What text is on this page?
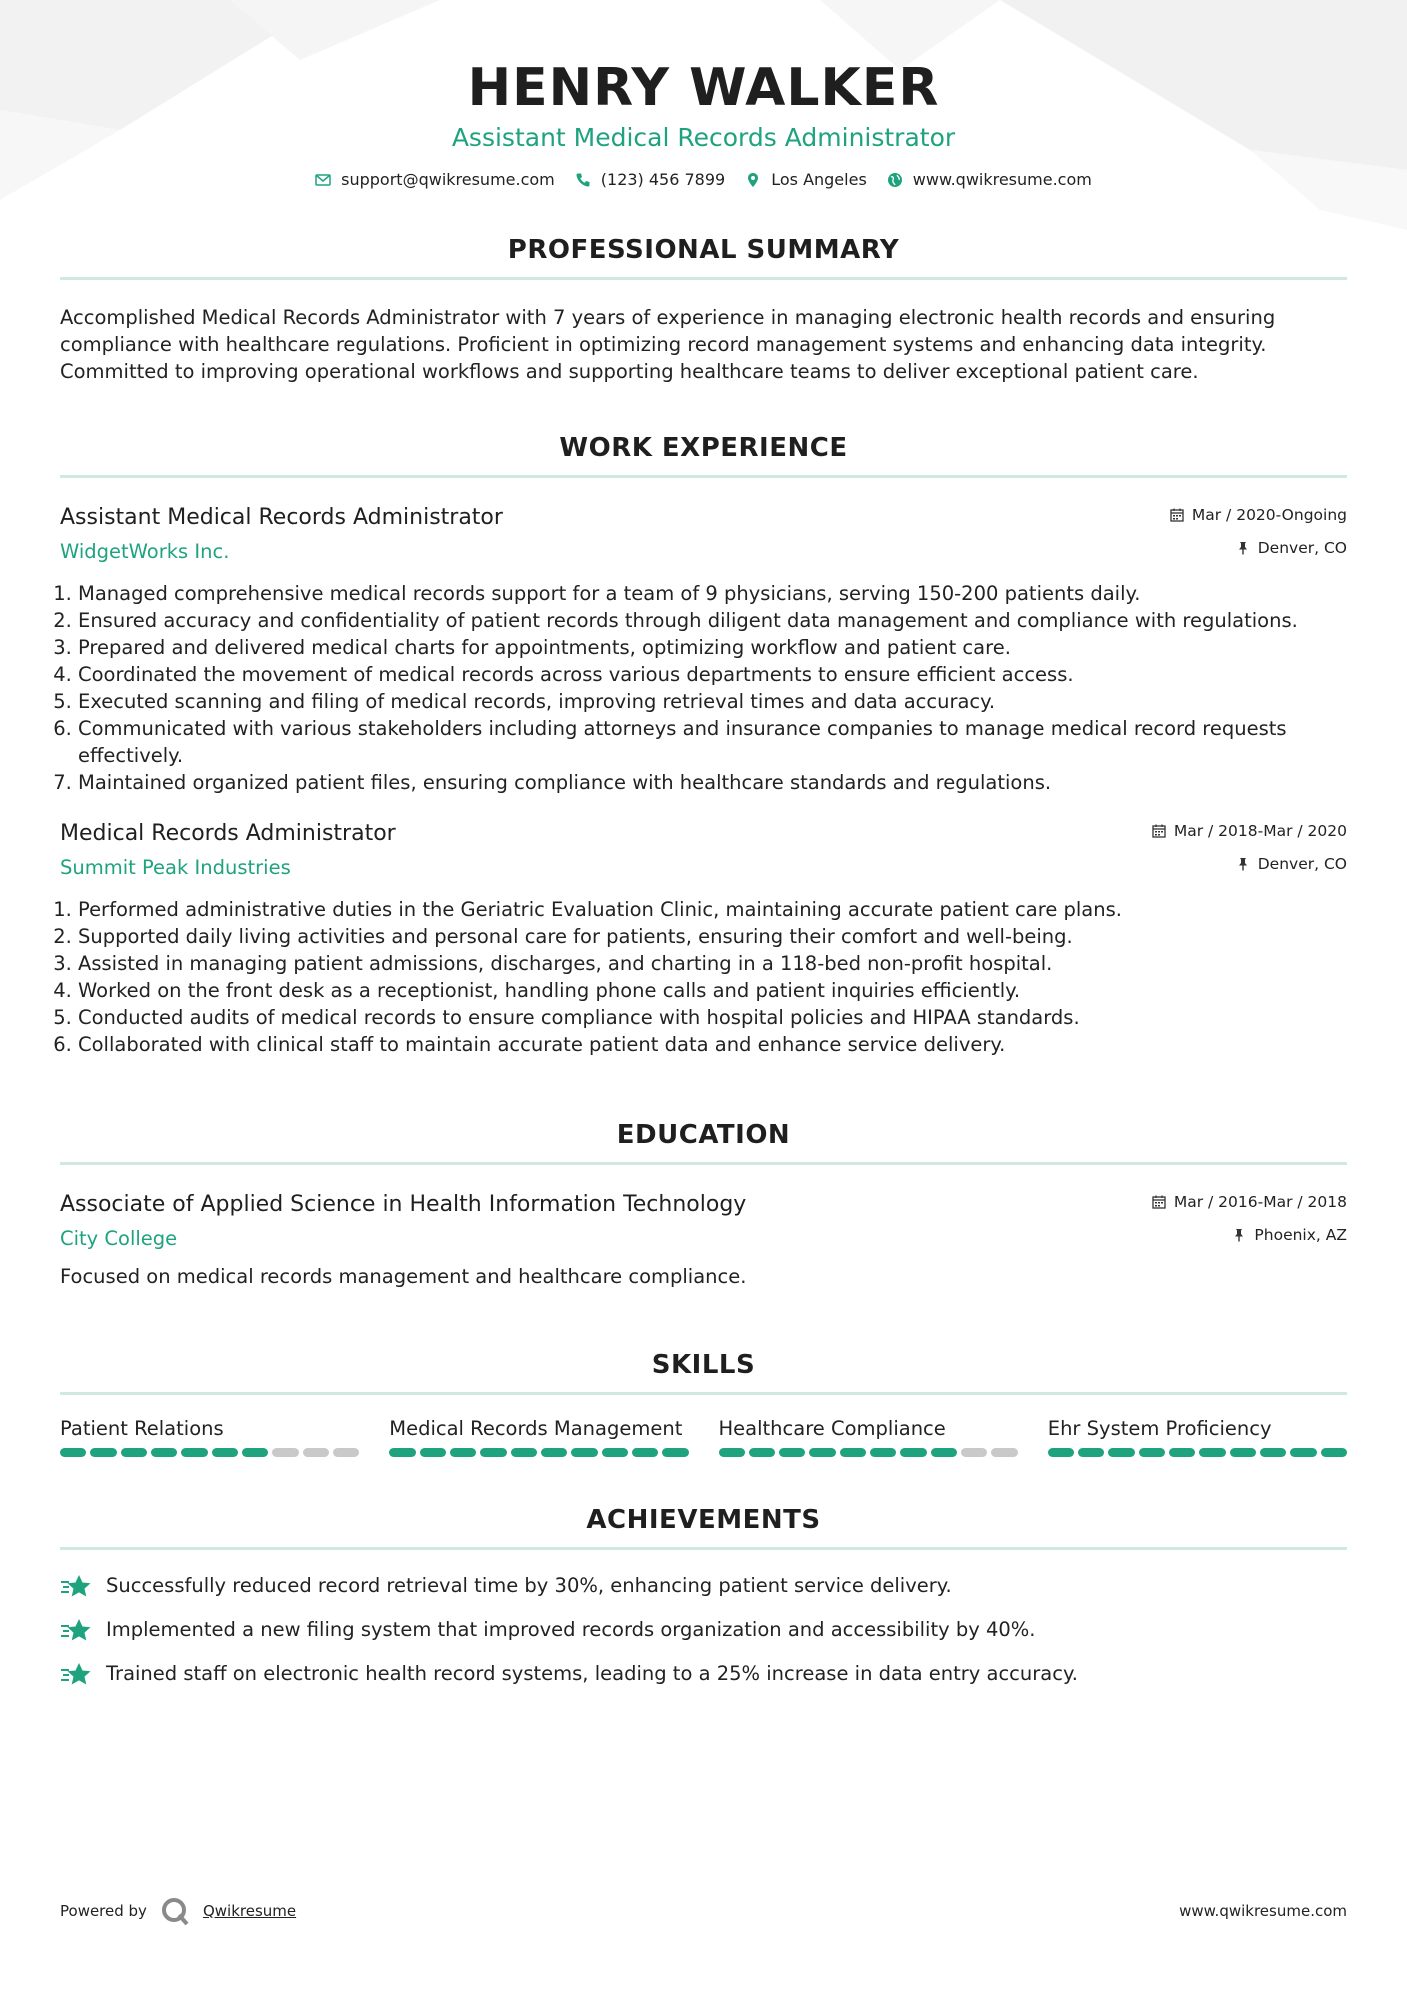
HENRY WALKER
Assistant Medical Records Administrator
support@qwikresume.com	(123) 456 7899	Los Angeles	www.qwikresume.com
PROFESSIONAL SUMMARY
Accomplished Medical Records Administrator with 7 years of experience in managing electronic health records and ensuring compliance with healthcare regulations. Proficient in optimizing record management systems and enhancing data integrity. Committed to improving operational workflows and supporting healthcare teams to deliver exceptional patient care.
WORK EXPERIENCE
Assistant Medical Records Administrator
WidgetWorks Inc.
Mar / 2020-Ongoing
Denver, CO
1. Managed comprehensive medical records support for a team of 9 physicians, serving 150-200 patients daily.
2. Ensured accuracy and confidentiality of patient records through diligent data management and compliance with regulations.
3. Prepared and delivered medical charts for appointments, optimizing workflow and patient care.
4. Coordinated the movement of medical records across various departments to ensure efficient access.
5. Executed scanning and filing of medical records, improving retrieval times and data accuracy.
6. Communicated with various stakeholders including attorneys and insurance companies to manage medical record requests effectively.
7. Maintained organized patient files, ensuring compliance with healthcare standards and regulations.
Medical Records Administrator
Summit Peak Industries
Mar / 2018-Mar / 2020
Denver, CO
1. Performed administrative duties in the Geriatric Evaluation Clinic, maintaining accurate patient care plans.
2. Supported daily living activities and personal care for patients, ensuring their comfort and well-being.
3. Assisted in managing patient admissions, discharges, and charting in a 118-bed non-profit hospital.
4. Worked on the front desk as a receptionist, handling phone calls and patient inquiries efficiently.
5. Conducted audits of medical records to ensure compliance with hospital policies and HIPAA standards.
6. Collaborated with clinical staff to maintain accurate patient data and enhance service delivery.
EDUCATION
Associate of Applied Science in Health Information Technology
City College
Mar / 2016-Mar / 2018
Phoenix, AZ
Focused on medical records management and healthcare compliance.
SKILLS
Patient Relations	Medical Records Management	Healthcare Compliance	Ehr System Proficiency
ACHIEVEMENTS
Successfully reduced record retrieval time by 30%, enhancing patient service delivery.
Implemented a new filing system that improved records organization and accessibility by 40%.
Trained staff on electronic health record systems, leading to a 25% increase in data entry accuracy.
Powered by	Qwikresume	www.qwikresume.com
